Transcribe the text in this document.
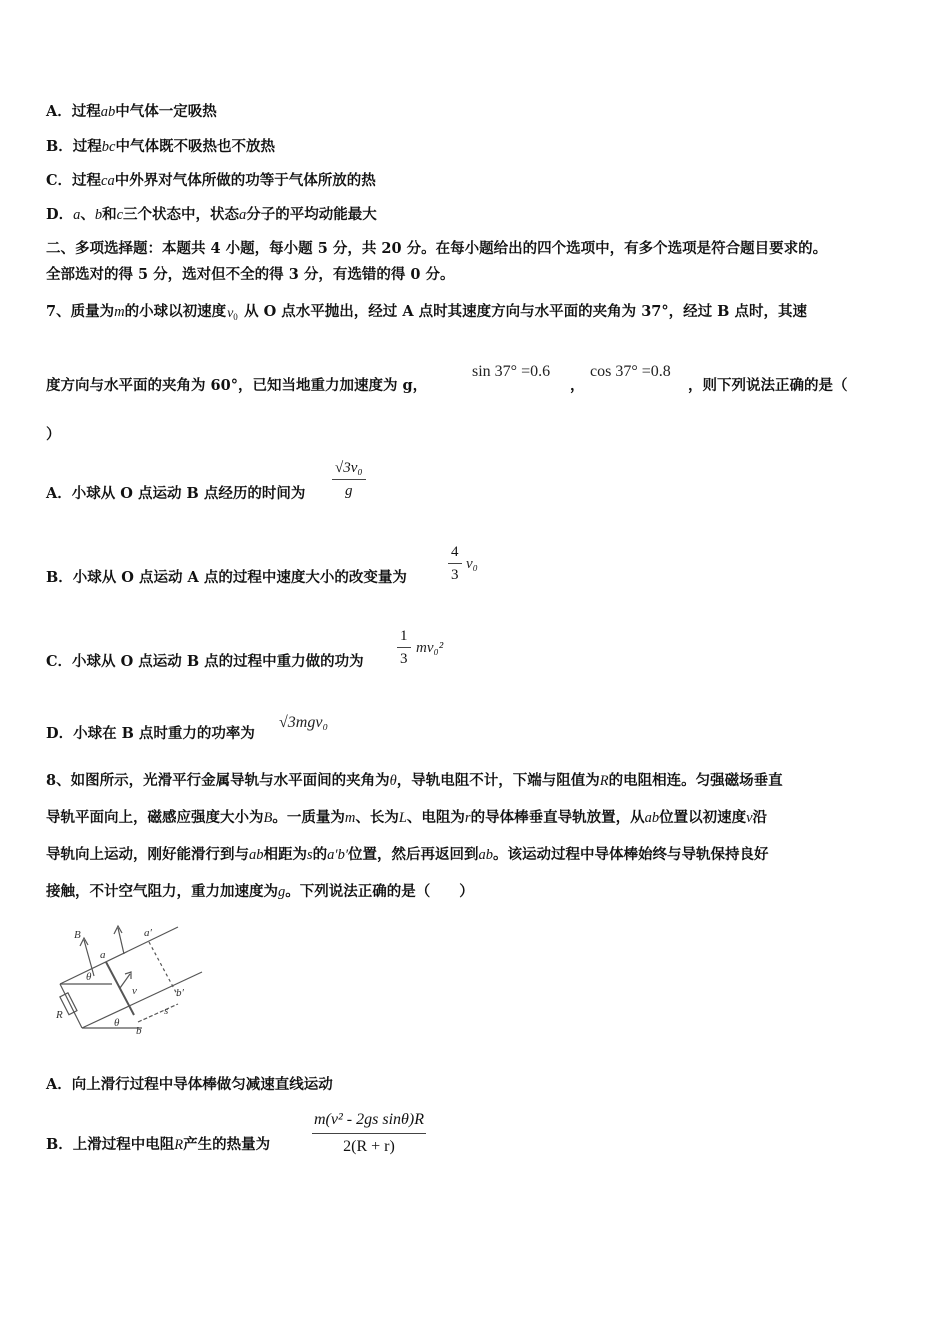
A．过程ab中气体一定吸热
B．过程bc中气体既不吸热也不放热
C．过程ca中外界对气体所做的功等于气体所放的热
D．a、b和c三个状态中，状态a分子的平均动能最大
二、多项选择题：本题共 4 小题，每小题 5 分，共 20 分。在每小题给出的四个选项中，有多个选项是符合题目要求的。
全部选对的得 5 分，选对但不全的得 3 分，有选错的得 0 分。
7、质量为m的小球以初速度 $v_0$ 从 O 点水平抛出，经过 A 点时其速度方向与水平面的夹角为 37°，经过 B 点时，其速
度方向与水平面的夹角为 60°，已知当地重力加速度为 g，
sin 37° =0.6
，
cos 37° =0.8
，则下列说法正确的是（
）
A．小球从 O 点运动 B 点经历的时间为 $\frac{\text{√3v₀}}{g}$
B．小球从 O 点运动 A 点的过程中速度大小的改变量为	$\frac{4}{3} v_0$
C．小球从 O 点运动 B 点的过程中重力做的功为 $\frac{1}{3} mv_0^2$
D．小球在 B 点时重力的功率为
√3mgv₀
8、如图所示，光滑平行金属导轨与水平面间的夹角为θ，导轨电阻不计，下端与阻值为R的电阻相连。匀强磁场垂直
导轨平面向上，磁感应强度大小为B。一质量为m、长为L、电阻为r的导体棒垂直导轨放置，从ab位置以初速度v沿
导轨向上运动，刚好能滑行到与ab相距为s的a′b′位置，然后再返回到ab。该运动过程中导体棒始终与导轨保持良好
接触，不计空气阻力，重力加速度为g。下列说法正确的是（　　）
B
a
a′
θ
v	b′
R
θ
b
s
A．向上滑行过程中导体棒做匀减速直线运动
B．上滑过程中电阻R产生的热量为	$\frac{\text{m(v² - 2gs sinθ)R}}{2(R + r)}$
